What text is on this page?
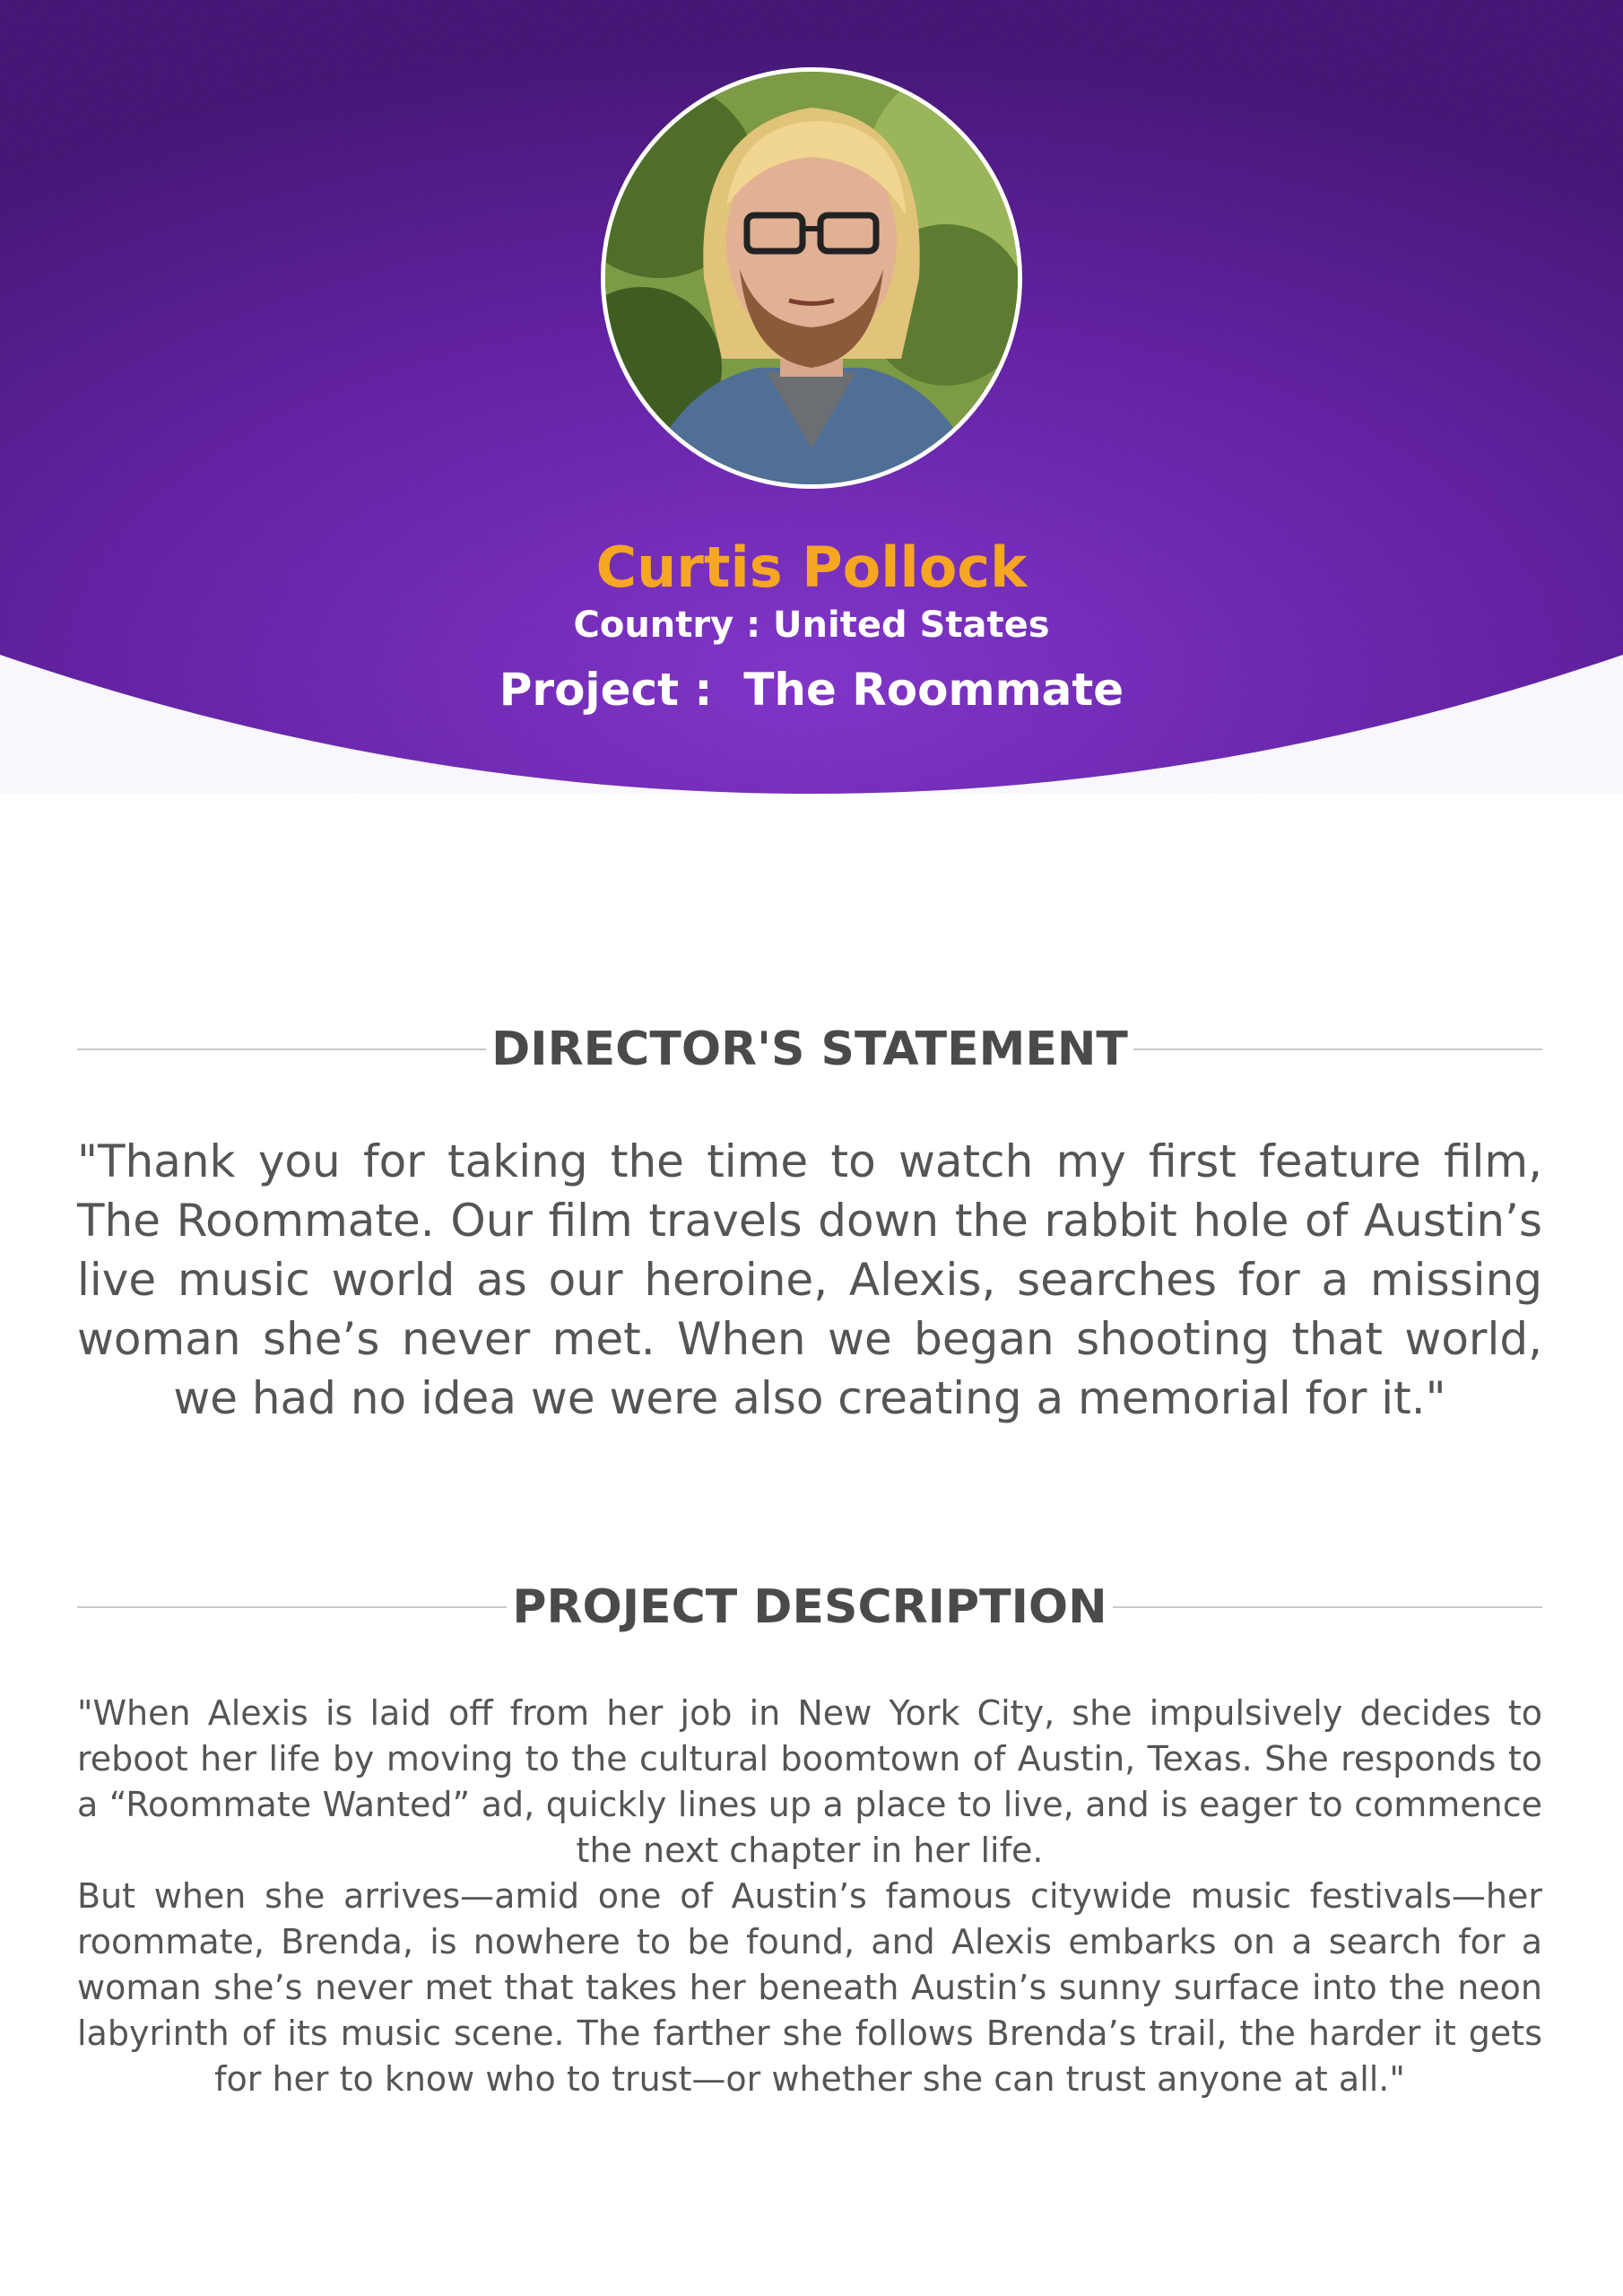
Curtis Pollock
Country : United States
Project :  The Roommate
DIRECTOR'S STATEMENT

"Thank you for taking the time to watch my first feature film, The Roommate. Our film travels down the rabbit hole of Austin’s live music world as our heroine, Alexis, searches for a missing woman she’s never met. When we began shooting that world, we had no idea we were also creating a memorial for it."

PROJECT DESCRIPTION

"When Alexis is laid off from her job in New York City, she impulsively decides to reboot her life by moving to the cultural boomtown of Austin, Texas. She responds to a “Roommate Wanted” ad, quickly lines up a place to live, and is eager to commence the next chapter in her life.

But when she arrives—amid one of Austin’s famous citywide music festivals—her roommate, Brenda, is nowhere to be found, and Alexis embarks on a search for a woman she’s never met that takes her beneath Austin’s sunny surface into the neon labyrinth of its music scene. The farther she follows Brenda’s trail, the harder it gets for her to know who to trust—or whether she can trust anyone at all."
